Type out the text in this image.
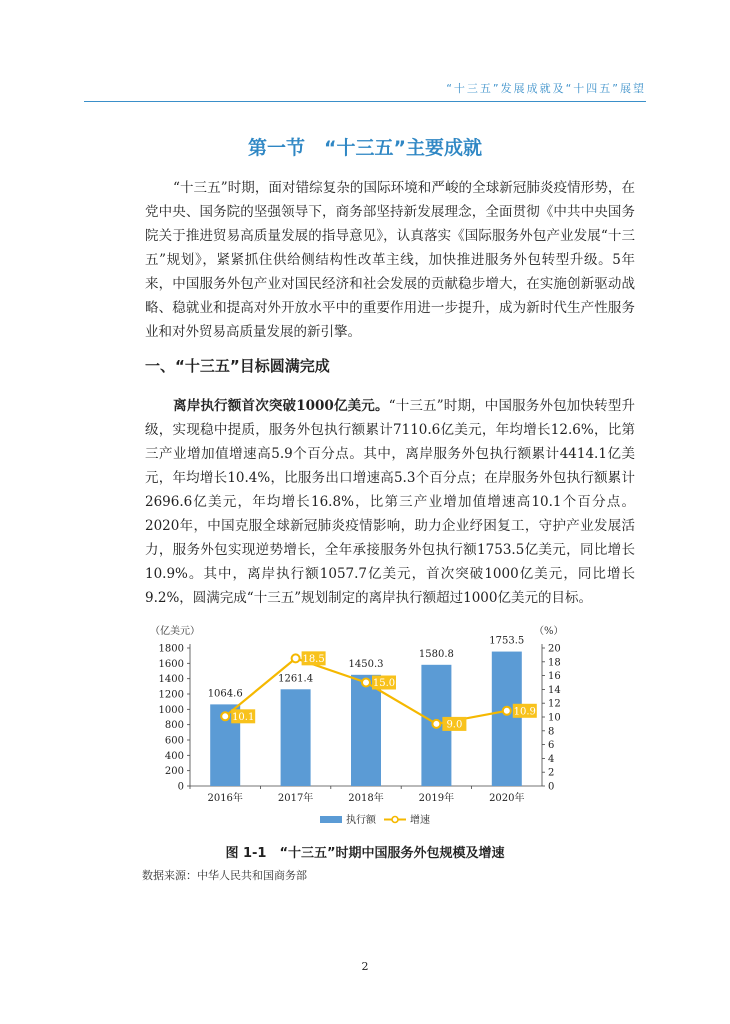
“十三五”发展成就及“十四五”展望
第一节　“十三五”主要成就

“十三五”时期，面对错综复杂的国际环境和严峻的全球新冠肺炎疫情形势，在党中央、国务院的坚强领导下，商务部坚持新发展理念，全面贯彻《中共中央国务院关于推进贸易高质量发展的指导意见》，认真落实《国际服务外包产业发展“十三五”规划》，紧紧抓住供给侧结构性改革主线，加快推进服务外包转型升级。5年来，中国服务外包产业对国民经济和社会发展的贡献稳步增大，在实施创新驱动战略、稳就业和提高对外开放水平中的重要作用进一步提升，成为新时代生产性服务业和对外贸易高质量发展的新引擎。

一、“十三五”目标圆满完成

离岸执行额首次突破1000亿美元。“十三五”时期，中国服务外包加快转型升级，实现稳中提质，服务外包执行额累计7110.6亿美元，年均增长12.6%，比第三产业增加值增速高5.9个百分点。其中，离岸服务外包执行额累计4414.1亿美元，年均增长10.4%，比服务出口增速高5.3个百分点；在岸服务外包执行额累计2696.6亿美元，年均增长16.8%，比第三产业增加值增速高10.1个百分点。2020年，中国克服全球新冠肺炎疫情影响，助力企业纾困复工，守护产业发展活力，服务外包实现逆势增长，全年承接服务外包执行额1753.5亿美元，同比增长10.9%。其中，离岸执行额1057.7亿美元，首次突破1000亿美元，同比增长9.2%，圆满完成“十三五”规划制定的离岸执行额超过1000亿美元的目标。

（亿美元）	（%）
0
200
400
600
800
1000
1200
1400
1600
1800
0
2
4
6
8
10
12
14
16
18
20
1064.6
2016年
1261.4
2017年
1450.3
2018年
1580.8
2019年
1753.5
2020年
10.1
18.5
15.0
9.0
10.9
执行额	增速
图 1-1　“十三五”时期中国服务外包规模及增速
数据来源：中华人民共和国商务部
2
